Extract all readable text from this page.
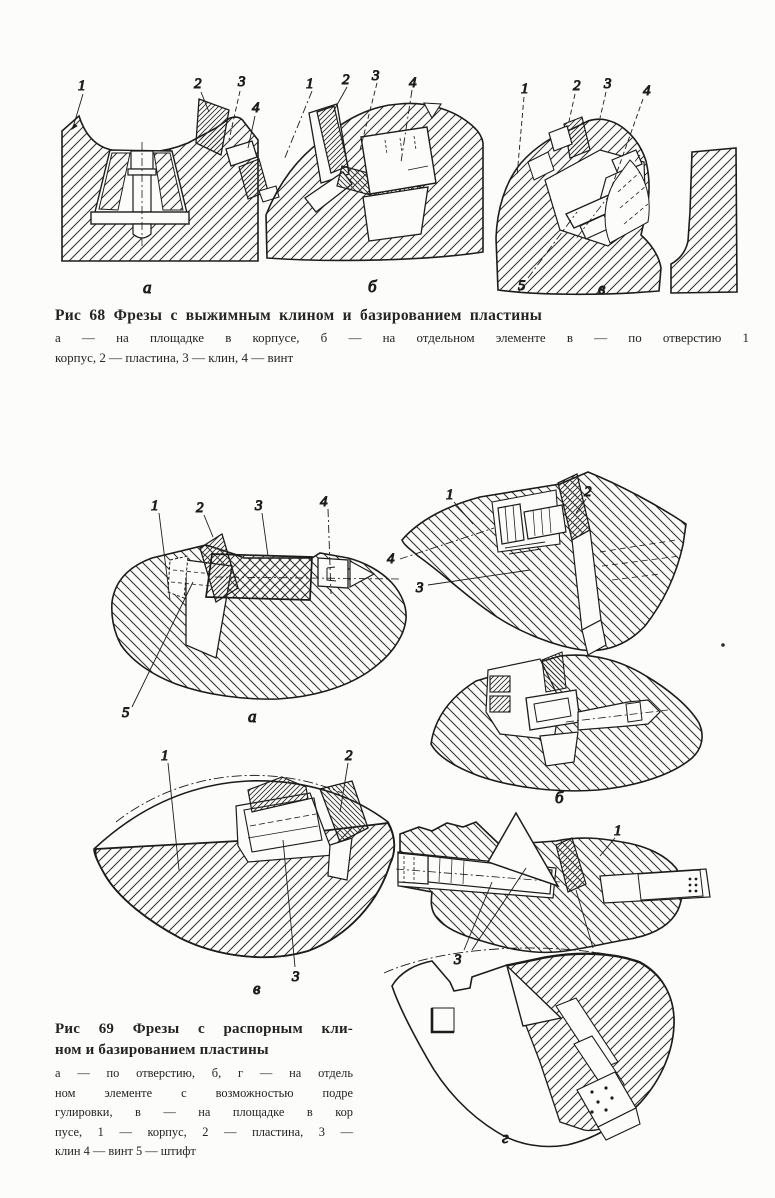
1	2 3
4
а
1 2 3 4
б
1	2 3 4
5	в
1	2	3	4
5	а
1	2
4
3
б
1	2
3
в
1
3
г
Рис 68 Фрезы с выжимным клином и базированием пластины
а — на площадке в корпусе, б — на отдельном элементе в — по отверстию 1
корпус, 2 — пластина, 3 — клин, 4 — винт
Рис 69 Фрезы с распорным кли-
ном и базированием пластины
а — по отверстию, б, г — на отдель
ном элементе с возможностью подре
гулировки, в — на площадке в кор
пусе, 1 — корпус, 2 — пластина, 3 —
клин 4 — винт 5 — штифт
